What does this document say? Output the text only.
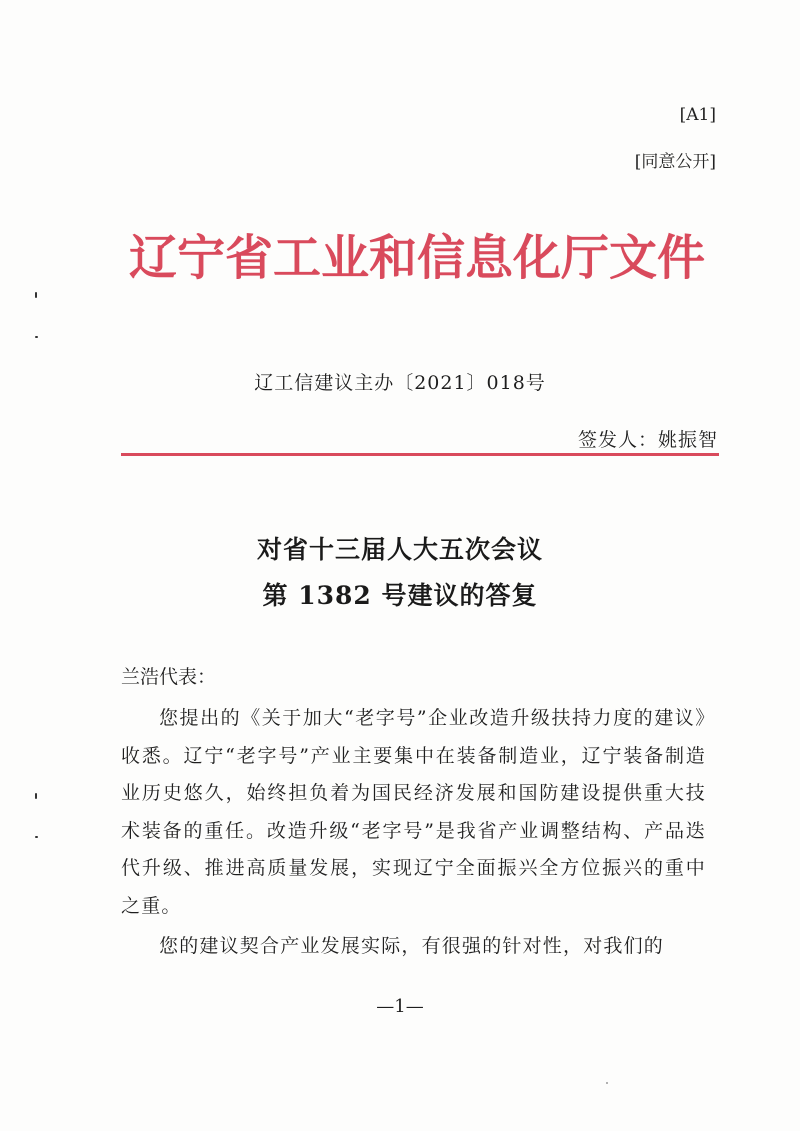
[A1]
[同意公开]
辽宁省工业和信息化厅文件
辽工信建议主办〔2021〕018号
签发人：姚振智
对省十三届人大五次会议
第 1382 号建议的答复
兰浩代表：

您提出的《关于加大“老字号”企业改造升级扶持力度的建议》收悉。辽宁“老字号”产业主要集中在装备制造业，辽宁装备制造业历史悠久，始终担负着为国民经济发展和国防建设提供重大技术装备的重任。改造升级“老字号”是我省产业调整结构、产品迭代升级、推进高质量发展，实现辽宁全面振兴全方位振兴的重中之重。

您的建议契合产业发展实际，有很强的针对性，对我们的

—1—
